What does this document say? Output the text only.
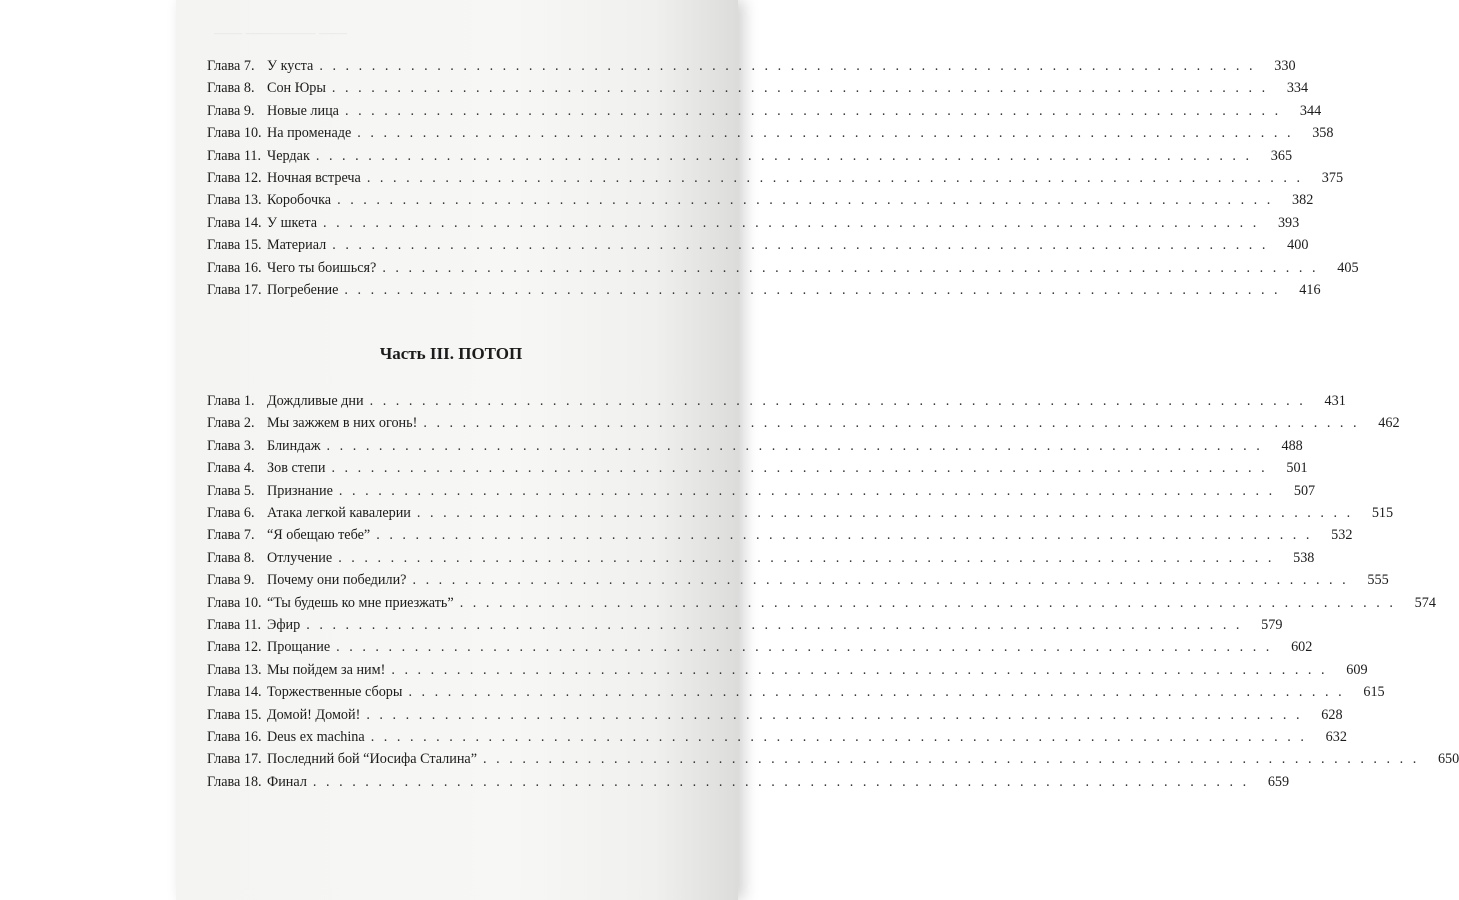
—— ————— ——
Глава 7. У куста . . . . . . . . . . . . . . . . . . . . . . . . . . . . . . . . . . . . . . . . . . . . . . . . . . . . . . . . . . . . . . . . . . . . . . . .	330
Глава 8. Сон Юры . . . . . . . . . . . . . . . . . . . . . . . . . . . . . . . . . . . . . . . . . . . . . . . . . . . . . . . . . . . . . . . . . . . . . . . .	334
Глава 9. Новые лица . . . . . . . . . . . . . . . . . . . . . . . . . . . . . . . . . . . . . . . . . . . . . . . . . . . . . . . . . . . . . . . . . . . . . . . .	344
Глава 10. На променаде . . . . . . . . . . . . . . . . . . . . . . . . . . . . . . . . . . . . . . . . . . . . . . . . . . . . . . . . . . . . . . . . . . . . . . . .	358
Глава 11. Чердак . . . . . . . . . . . . . . . . . . . . . . . . . . . . . . . . . . . . . . . . . . . . . . . . . . . . . . . . . . . . . . . . . . . . . . . .	365
Глава 12. Ночная встреча . . . . . . . . . . . . . . . . . . . . . . . . . . . . . . . . . . . . . . . . . . . . . . . . . . . . . . . . . . . . . . . . . . . . . . . .	375
Глава 13. Коробочка . . . . . . . . . . . . . . . . . . . . . . . . . . . . . . . . . . . . . . . . . . . . . . . . . . . . . . . . . . . . . . . . . . . . . . . .	382
Глава 14. У шкета . . . . . . . . . . . . . . . . . . . . . . . . . . . . . . . . . . . . . . . . . . . . . . . . . . . . . . . . . . . . . . . . . . . . . . . .	393
Глава 15. Материал . . . . . . . . . . . . . . . . . . . . . . . . . . . . . . . . . . . . . . . . . . . . . . . . . . . . . . . . . . . . . . . . . . . . . . . .	400
Глава 16. Чего ты боишься? . . . . . . . . . . . . . . . . . . . . . . . . . . . . . . . . . . . . . . . . . . . . . . . . . . . . . . . . . . . . . . . . . . . . . . . .	405
Глава 17. Погребение . . . . . . . . . . . . . . . . . . . . . . . . . . . . . . . . . . . . . . . . . . . . . . . . . . . . . . . . . . . . . . . . . . . . . . . .	416
Глава 1. Дождливые дни . . . . . . . . . . . . . . . . . . . . . . . . . . . . . . . . . . . . . . . . . . . . . . . . . . . . . . . . . . . . . . . . . . . . . . . .	431
Глава 2. Мы зажжем в них огонь! . . . . . . . . . . . . . . . . . . . . . . . . . . . . . . . . . . . . . . . . . . . . . . . . . . . . . . . . . . . . . . . . . . . . . . . .	462
Глава 3. Блиндаж . . . . . . . . . . . . . . . . . . . . . . . . . . . . . . . . . . . . . . . . . . . . . . . . . . . . . . . . . . . . . . . . . . . . . . . .	488
Глава 4. Зов степи . . . . . . . . . . . . . . . . . . . . . . . . . . . . . . . . . . . . . . . . . . . . . . . . . . . . . . . . . . . . . . . . . . . . . . . .	501
Глава 5. Признание . . . . . . . . . . . . . . . . . . . . . . . . . . . . . . . . . . . . . . . . . . . . . . . . . . . . . . . . . . . . . . . . . . . . . . . .	507
Глава 6. Атака легкой кавалерии . . . . . . . . . . . . . . . . . . . . . . . . . . . . . . . . . . . . . . . . . . . . . . . . . . . . . . . . . . . . . . . . . . . . . . . .	515
Глава 7. “Я обещаю тебе” . . . . . . . . . . . . . . . . . . . . . . . . . . . . . . . . . . . . . . . . . . . . . . . . . . . . . . . . . . . . . . . . . . . . . . . .	532
Глава 8. Отлучение . . . . . . . . . . . . . . . . . . . . . . . . . . . . . . . . . . . . . . . . . . . . . . . . . . . . . . . . . . . . . . . . . . . . . . . .	538
Глава 9. Почему они победили? . . . . . . . . . . . . . . . . . . . . . . . . . . . . . . . . . . . . . . . . . . . . . . . . . . . . . . . . . . . . . . . . . . . . . . . .	555
Глава 10. “Ты будешь ко мне приезжать” . . . . . . . . . . . . . . . . . . . . . . . . . . . . . . . . . . . . . . . . . . . . . . . . . . . . . . . . . . . . . . . . . . . . . . . .	574
Глава 11. Эфир . . . . . . . . . . . . . . . . . . . . . . . . . . . . . . . . . . . . . . . . . . . . . . . . . . . . . . . . . . . . . . . . . . . . . . . .	579
Глава 12. Прощание . . . . . . . . . . . . . . . . . . . . . . . . . . . . . . . . . . . . . . . . . . . . . . . . . . . . . . . . . . . . . . . . . . . . . . . .	602
Глава 13. Мы пойдем за ним! . . . . . . . . . . . . . . . . . . . . . . . . . . . . . . . . . . . . . . . . . . . . . . . . . . . . . . . . . . . . . . . . . . . . . . . .	609
Глава 14. Торжественные сборы . . . . . . . . . . . . . . . . . . . . . . . . . . . . . . . . . . . . . . . . . . . . . . . . . . . . . . . . . . . . . . . . . . . . . . . .	615
Глава 15. Домой! Домой! . . . . . . . . . . . . . . . . . . . . . . . . . . . . . . . . . . . . . . . . . . . . . . . . . . . . . . . . . . . . . . . . . . . . . . . .	628
Глава 16. Deus ex machina . . . . . . . . . . . . . . . . . . . . . . . . . . . . . . . . . . . . . . . . . . . . . . . . . . . . . . . . . . . . . . . . . . . . . . . .	632
Глава 17. Последний бой “Иосифа Сталина” . . . . . . . . . . . . . . . . . . . . . . . . . . . . . . . . . . . . . . . . . . . . . . . . . . . . . . . . . . . . . . . . . . . . . . . .	650
Глава 18. Финал . . . . . . . . . . . . . . . . . . . . . . . . . . . . . . . . . . . . . . . . . . . . . . . . . . . . . . . . . . . . . . . . . . . . . . . .	659
Часть III. ПОТОП
